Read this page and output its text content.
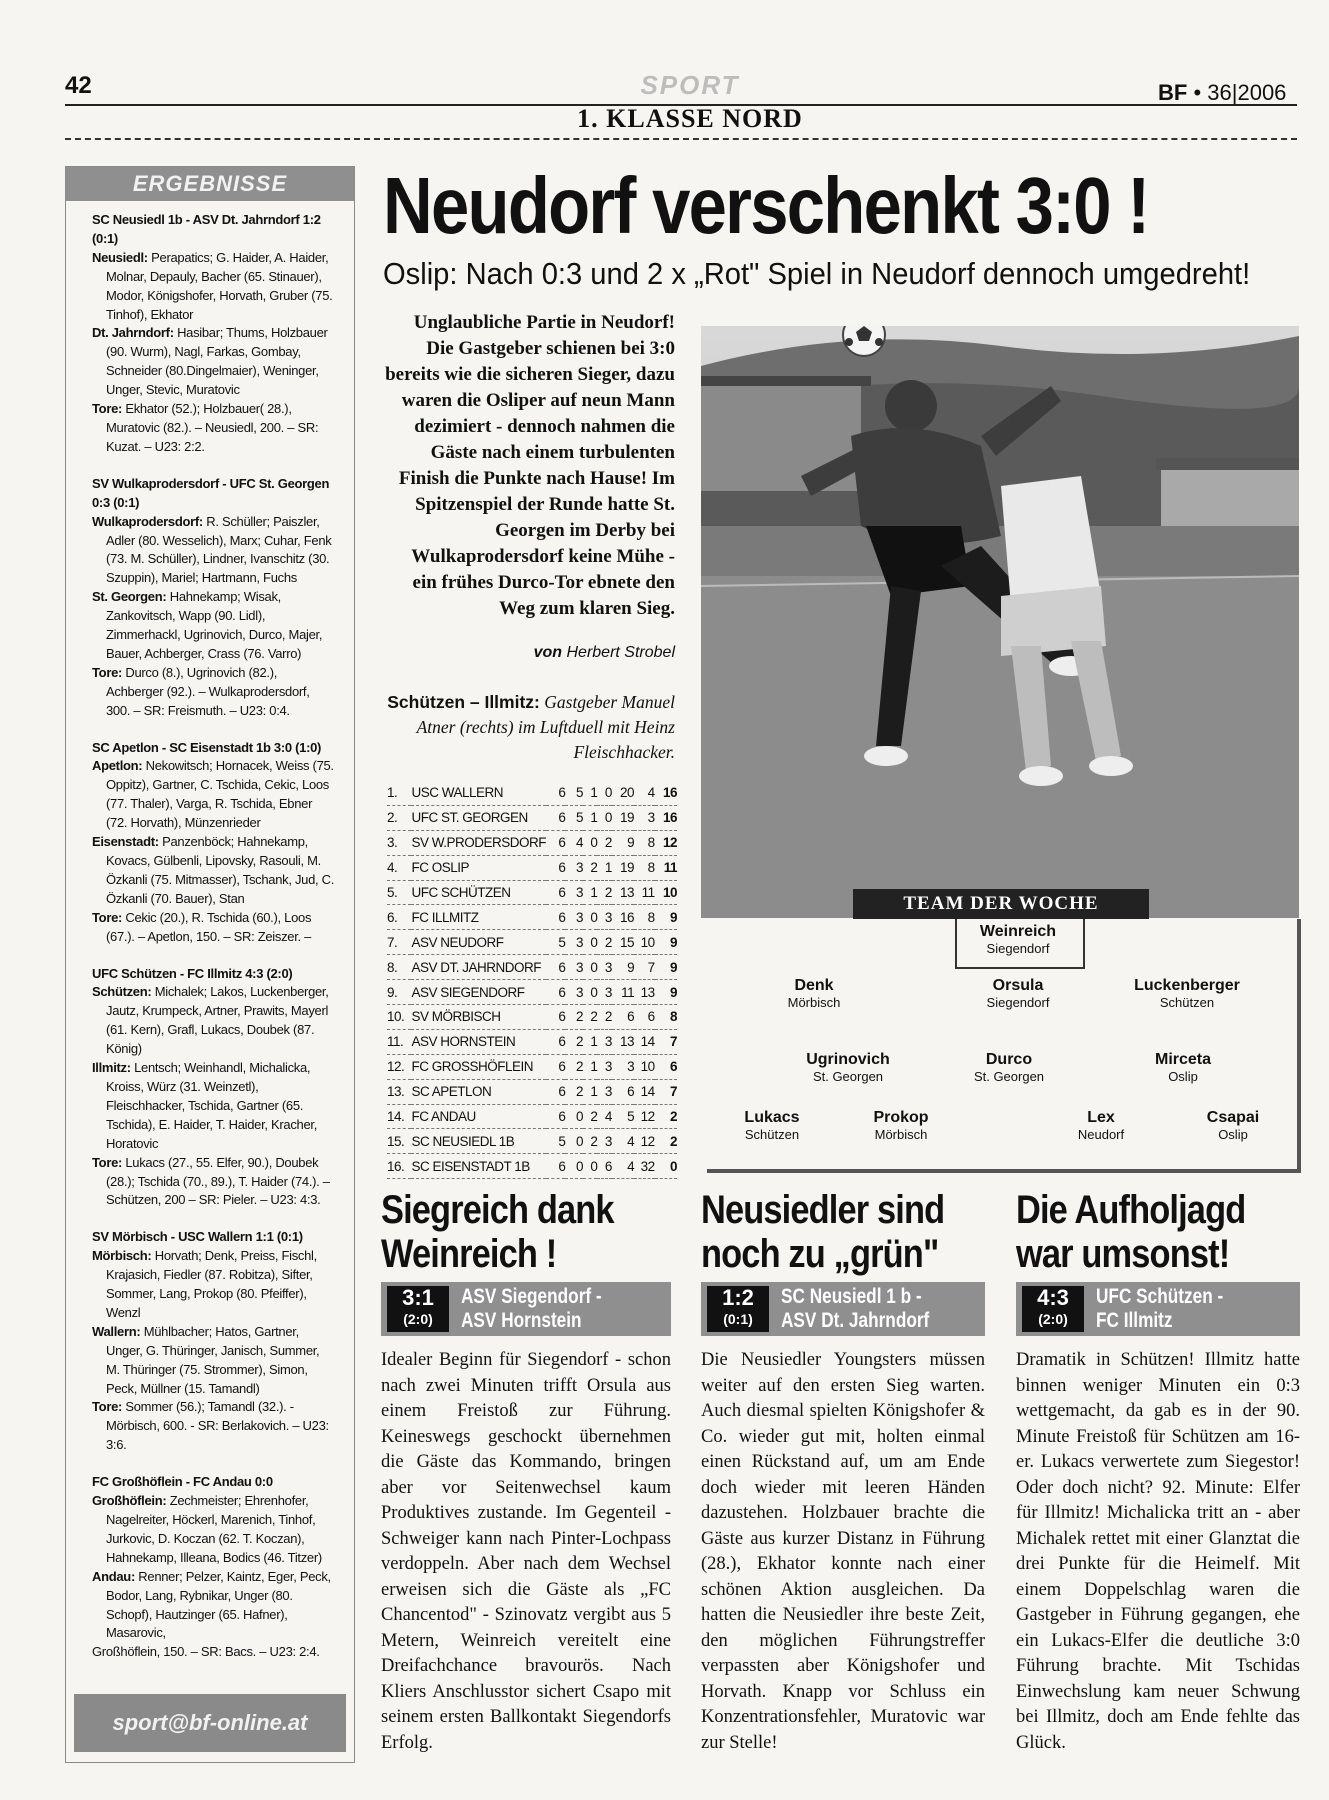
42	SPORT	BF • 36|2006
1. KLASSE NORD
ERGEBNISSE
SC Neusiedl 1b - ASV Dt. Jahrndorf 1:2 (0:1)
Neusiedl: Perapatics; G. Haider, A. Haider, Molnar, Depauly, Bacher (65. Stinauer), Modor, Königshofer, Horvath, Gruber (75. Tinhof), Ekhator
Dt. Jahrndorf: Hasibar; Thums, Holzbauer (90. Wurm), Nagl, Farkas, Gombay, Schneider (80.Dingelmaier), Weninger, Unger, Stevic, Muratovic
Tore: Ekhator (52.); Holzbauer( 28.), Muratovic (82.). – Neusiedl, 200. – SR: Kuzat. – U23: 2:2.
SV Wulkaprodersdorf - UFC St. Georgen 0:3 (0:1)
Wulkaprodersdorf: R. Schüller; Paiszler, Adler (80. Wesselich), Marx; Cuhar, Fenk (73. M. Schüller), Lindner, Ivanschitz (30. Szuppin), Mariel; Hartmann, Fuchs
St. Georgen: Hahnekamp; Wisak, Zankovitsch, Wapp (90. Lidl), Zimmerhackl, Ugrinovich, Durco, Majer, Bauer, Achberger, Crass (76. Varro)
Tore: Durco (8.), Ugrinovich (82.), Achberger (92.). – Wulkaprodersdorf, 300. – SR: Freismuth. – U23: 0:4.
SC Apetlon - SC Eisenstadt 1b 3:0 (1:0)
Apetlon: Nekowitsch; Hornacek, Weiss (75. Oppitz), Gartner, C. Tschida, Cekic, Loos (77. Thaler), Varga, R. Tschida, Ebner (72. Horvath), Münzenrieder
Eisenstadt: Panzenböck; Hahnekamp, Kovacs, Gülbenli, Lipovsky, Rasouli, M. Özkanli (75. Mitmasser), Tschank, Jud, C. Özkanli (70. Bauer), Stan
Tore: Cekic (20.), R. Tschida (60.), Loos (67.). – Apetlon, 150. – SR: Zeiszer. –
UFC Schützen - FC Illmitz 4:3 (2:0)
Schützen: Michalek; Lakos, Luckenberger, Jautz, Krumpeck, Artner, Prawits, Mayerl (61. Kern), Grafl, Lukacs, Doubek (87. König)
Illmitz: Lentsch; Weinhandl, Michalicka, Kroiss, Würz (31. Weinzetl), Fleischhacker, Tschida, Gartner (65. Tschida), E. Haider, T. Haider, Kracher, Horatovic
Tore: Lukacs (27., 55. Elfer, 90.), Doubek (28.); Tschida (70., 89.), T. Haider (74.). – Schützen, 200 – SR: Pieler. – U23: 4:3.
SV Mörbisch - USC Wallern 1:1 (0:1)
Mörbisch: Horvath; Denk, Preiss, Fischl, Krajasich, Fiedler (87. Robitza), Sifter, Sommer, Lang, Prokop (80. Pfeiffer), Wenzl
Wallern: Mühlbacher; Hatos, Gartner, Unger, G. Thüringer, Janisch, Summer, M. Thüringer (75. Strommer), Simon, Peck, Müllner (15. Tamandl)
Tore: Sommer (56.); Tamandl (32.). - Mörbisch, 600. - SR: Berlakovich. – U23: 3:6.
FC Großhöflein - FC Andau 0:0
Großhöflein: Zechmeister; Ehrenhofer, Nagelreiter, Höckerl, Marenich, Tinhof, Jurkovic, D. Koczan (62. T. Koczan), Hahnekamp, Illeana, Bodics (46. Titzer)
Andau: Renner; Pelzer, Kaintz, Eger, Peck, Bodor, Lang, Rybnikar, Unger (80. Schopf), Hautzinger (65. Hafner), Masarovic,
Großhöflein, 150. – SR: Bacs. – U23: 2:4.
sport@bf-online.at
Neudorf verschenkt 3:0 !
Oslip: Nach 0:3 und 2 x „Rot" Spiel in Neudorf dennoch umgedreht!
Unglaubliche Partie in Neudorf! Die Gastgeber schienen bei 3:0 bereits wie die sicheren Sieger, dazu waren die Osliper auf neun Mann dezimiert - dennoch nahmen die Gäste nach einem turbulenten Finish die Punkte nach Hause! Im Spitzenspiel der Runde hatte St. Georgen im Derby bei Wulkaprodersdorf keine Mühe - ein frühes Durco-Tor ebnete den Weg zum klaren Sieg.
von Herbert Strobel
Schützen – Illmitz: Gastgeber Manuel Atner (rechts) im Luftduell mit Heinz Fleischhacker.
1.	USC WALLERN	6	5	1	0	20	4	16
2.	UFC ST. GEORGEN	6	5	1	0	19	3	16
3.	SV W.PRODERSDORF	6	4	0	2	9	8	12
4.	FC OSLIP	6	3	2	1	19	8	11
5.	UFC SCHÜTZEN	6	3	1	2	13	11	10
6.	FC ILLMITZ	6	3	0	3	16	8	9
7.	ASV NEUDORF	5	3	0	2	15	10	9
8.	ASV DT. JAHRNDORF	6	3	0	3	9	7	9
9.	ASV SIEGENDORF	6	3	0	3	11	13	9
10.	SV MÖRBISCH	6	2	2	2	6	6	8
11.	ASV HORNSTEIN	6	2	1	3	13	14	7
12.	FC GROSSHÖFLEIN	6	2	1	3	3	10	6
13.	SC APETLON	6	2	1	3	6	14	7
14.	FC ANDAU	6	0	2	4	5	12	2
15.	SC NEUSIEDL 1B	5	0	2	3	4	12	2
16.	SC EISENSTADT 1B	6	0	0	6	4	32	0
TEAM DER WOCHE
Weinreich
Siegendorf
Denk
Mörbisch
Orsula
Siegendorf
Luckenberger
Schützen
Ugrinovich
St. Georgen
Durco
St. Georgen
Mirceta
Oslip
Lukacs
Schützen
Prokop
Mörbisch
Lex
Neudorf
Csapai
Oslip
Siegreich dank
Weinreich !
3:1
(2:0)
ASV Siegendorf -
ASV Hornstein
Idealer Beginn für Siegendorf - schon nach zwei Minuten trifft Orsula aus einem Freistoß zur Führung. Keineswegs geschockt übernehmen die Gäste das Kommando, bringen aber vor Seitenwechsel kaum Produktives zustande. Im Gegenteil - Schweiger kann nach Pinter-Lochpass verdoppeln. Aber nach dem Wechsel erweisen sich die Gäste als „FC Chancentod" - Szinovatz vergibt aus 5 Metern, Weinreich vereitelt eine Dreifachchance bravourös. Nach Kliers Anschlusstor sichert Csapo mit seinem ersten Ballkontakt Siegendorfs Erfolg.
Neusiedler sind
noch zu „grün"
1:2
(0:1)
SC Neusiedl 1 b -
ASV Dt. Jahrndorf
Die Neusiedler Youngsters müssen weiter auf den ersten Sieg warten. Auch diesmal spielten Königshofer & Co. wieder gut mit, holten einmal einen Rückstand auf, um am Ende doch wieder mit leeren Händen dazustehen. Holzbauer brachte die Gäste aus kurzer Distanz in Führung (28.), Ekhator konnte nach einer schönen Aktion ausgleichen. Da hatten die Neusiedler ihre beste Zeit, den möglichen Führungstreffer verpassten aber Königshofer und Horvath. Knapp vor Schluss ein Konzentrationsfehler, Muratovic war zur Stelle!
Die Aufholjagd
war umsonst!
4:3
(2:0)
UFC Schützen -
FC Illmitz
Dramatik in Schützen! Illmitz hatte binnen weniger Minuten ein 0:3 wettgemacht, da gab es in der 90. Minute Freistoß für Schützen am 16-er. Lukacs verwertete zum Siegestor! Oder doch nicht? 92. Minute: Elfer für Illmitz! Michalicka tritt an - aber Michalek rettet mit einer Glanztat die drei Punkte für die Heimelf. Mit einem Doppelschlag waren die Gastgeber in Führung gegangen, ehe ein Lukacs-Elfer die deutliche 3:0 Führung brachte. Mit Tschidas Einwechslung kam neuer Schwung bei Illmitz, doch am Ende fehlte das Glück.
